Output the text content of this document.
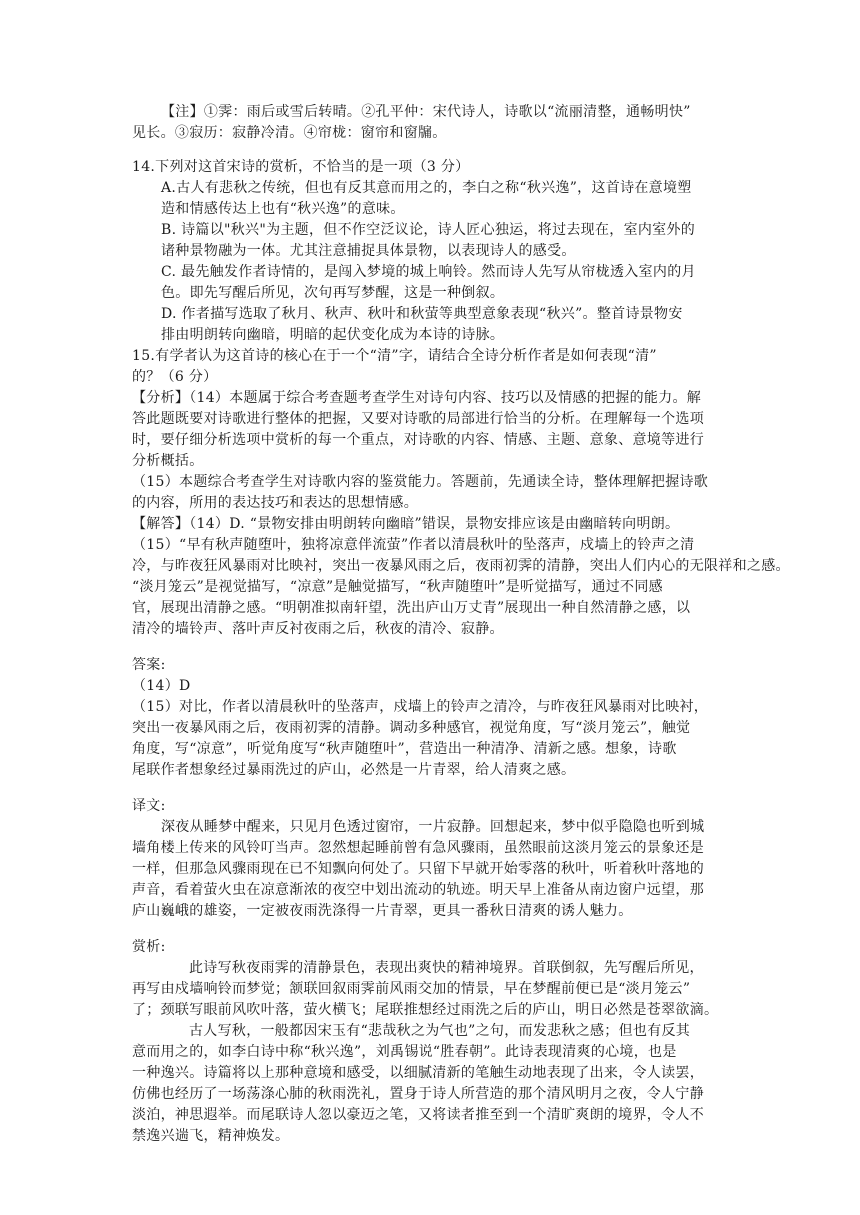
【注】①霁：雨后或雪后转晴。②孔平仲：宋代诗人，诗歌以“流丽清整，通畅明快”
见长。③寂历：寂静冷清。④帘栊：窗帘和窗牖。
14.下列对这首宋诗的赏析，不恰当的是一项（3 分）
A.古人有悲秋之传统，但也有反其意而用之的，李白之称“秋兴逸”，这首诗在意境塑
造和情感传达上也有“秋兴逸”的意味。
B. 诗篇以"秋兴"为主题，但不作空泛议论，诗人匠心独运，将过去现在，室内室外的
诸种景物融为一体。尤其注意捕捉具体景物，以表现诗人的感受。
C. 最先触发作者诗情的，是闯入梦境的城上响铃。然而诗人先写从帘栊透入室内的月
色。即先写醒后所见，次句再写梦醒，这是一种倒叙。
D. 作者描写选取了秋月、秋声、秋叶和秋萤等典型意象表现“秋兴”。整首诗景物安
排由明朗转向幽暗，明暗的起伏变化成为本诗的诗脉。
15.有学者认为这首诗的核心在于一个“清”字，请结合全诗分析作者是如何表现“清”
的？（6 分）
【分析】（14）本题属于综合考查题考查学生对诗句内容、技巧以及情感的把握的能力。解
答此题既要对诗歌进行整体的把握，又要对诗歌的局部进行恰当的分析。在理解每一个选项
时，要仔细分析选项中赏析的每一个重点，对诗歌的内容、情感、主题、意象、意境等进行
分析概括。
（15）本题综合考查学生对诗歌内容的鉴赏能力。答题前，先通读全诗，整体理解把握诗歌
的内容，所用的表达技巧和表达的思想情感。
【解答】（14）D. “景物安排由明朗转向幽暗”错误，景物安排应该是由幽暗转向明朗。
（15）“早有秋声随堕叶，独将凉意伴流萤”作者以清晨秋叶的坠落声，戍墙上的铃声之清
冷，与昨夜狂风暴雨对比映衬，突出一夜暴风雨之后，夜雨初霁的清静，突出人们内心的无限祥和之感。
“淡月笼云”是视觉描写，“凉意”是触觉描写，“秋声随堕叶”是听觉描写，通过不同感
官，展现出清静之感。“明朝准拟南轩望，洗出庐山万丈青”展现出一种自然清静之感，以
清冷的墙铃声、落叶声反衬夜雨之后，秋夜的清冷、寂静。
答案:
（14）D
（15）对比，作者以清晨秋叶的坠落声，戍墙上的铃声之清冷，与昨夜狂风暴雨对比映衬，
突出一夜暴风雨之后，夜雨初霁的清静。调动多种感官，视觉角度，写“淡月笼云”，触觉
角度，写“凉意”，听觉角度写“秋声随堕叶”，营造出一种清净、清新之感。想象，诗歌
尾联作者想象经过暴雨洗过的庐山，必然是一片青翠，给人清爽之感。
译文:
深夜从睡梦中醒来，只见月色透过窗帘，一片寂静。回想起来，梦中似乎隐隐也听到城
墙角楼上传来的风铃叮当声。忽然想起睡前曾有急风骤雨，虽然眼前这淡月笼云的景象还是
一样，但那急风骤雨现在已不知飘向何处了。只留下早就开始零落的秋叶，听着秋叶落地的
声音，看着萤火虫在凉意渐浓的夜空中划出流动的轨迹。明天早上准备从南边窗户远望，那
庐山巍峨的雄姿，一定被夜雨洗涤得一片青翠，更具一番秋日清爽的诱人魅力。
赏析:
此诗写秋夜雨霁的清静景色，表现出爽快的精神境界。首联倒叙，先写醒后所见，
再写由戍墙响铃而梦觉；颔联回叙雨霁前风雨交加的情景，早在梦醒前便已是“淡月笼云”
了；颈联写眼前风吹叶落，萤火横飞；尾联推想经过雨洗之后的庐山，明日必然是苍翠欲滴。
古人写秋，一般都因宋玉有“悲哉秋之为气也”之句，而发悲秋之感；但也有反其
意而用之的，如李白诗中称“秋兴逸”，刘禹锡说“胜春朝”。此诗表现清爽的心境，也是
一种逸兴。诗篇将以上那种意境和感受，以细腻清新的笔触生动地表现了出来，令人读罢，
仿佛也经历了一场荡涤心肺的秋雨洗礼，置身于诗人所营造的那个清风明月之夜，令人宁静
淡泊，神思遐举。而尾联诗人忽以豪迈之笔，又将读者推至到一个清旷爽朗的境界，令人不
禁逸兴遄飞，精神焕发。
